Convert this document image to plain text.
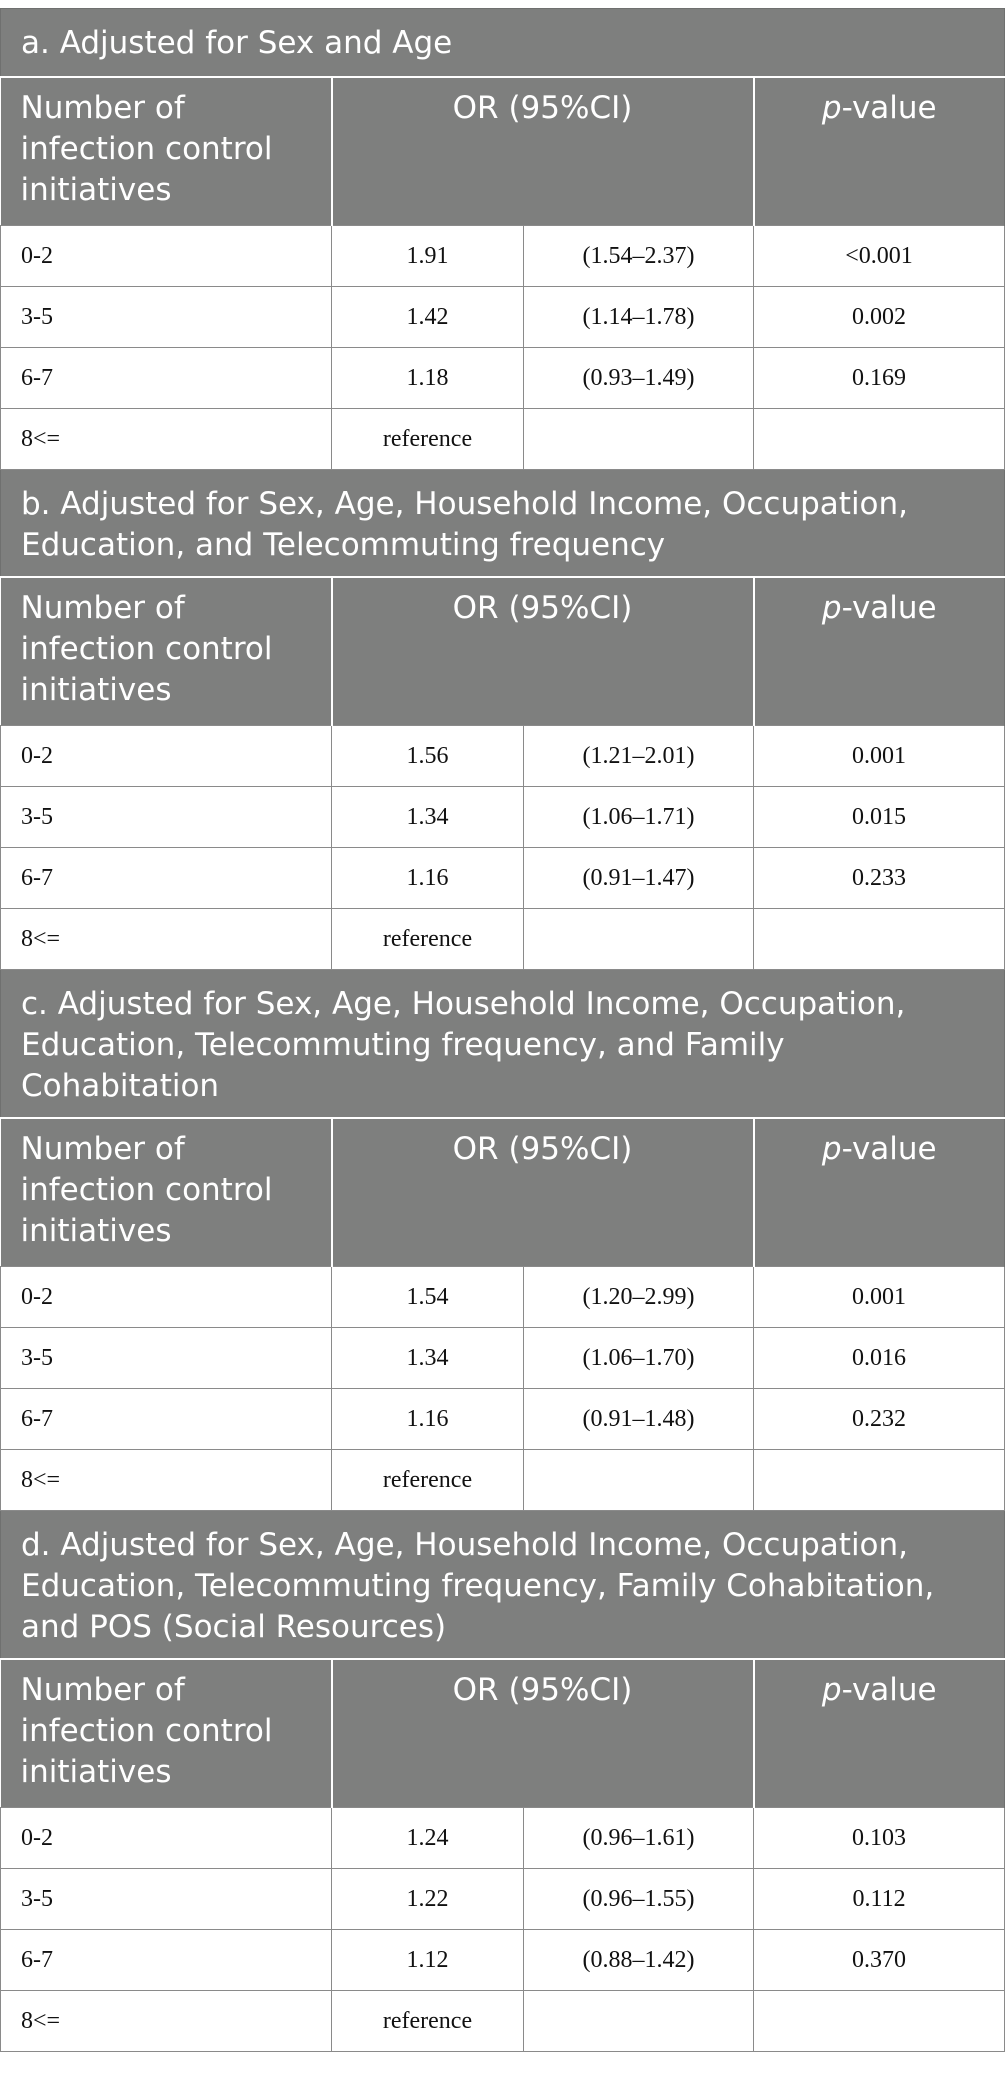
a. Adjusted for Sex and Age			
Number of infection control initiatives	OR (95%CI)		p-value
0-2	1.91	(1.54–2.37)	<0.001
3-5	1.42	(1.14–1.78)	0.002
6-7	1.18	(0.93–1.49)	0.169
8<=	reference		
b. Adjusted for Sex, Age, Household Income, Occupation, Education, and Telecommuting frequency			
Number of infection control initiatives	OR (95%CI)		p-value
0-2	1.56	(1.21–2.01)	0.001
3-5	1.34	(1.06–1.71)	0.015
6-7	1.16	(0.91–1.47)	0.233
8<=	reference		
c. Adjusted for Sex, Age, Household Income, Occupation, Education, Telecommuting frequency, and Family Cohabitation			
Number of infection control initiatives	OR (95%CI)		p-value
0-2	1.54	(1.20–2.99)	0.001
3-5	1.34	(1.06–1.70)	0.016
6-7	1.16	(0.91–1.48)	0.232
8<=	reference		
d. Adjusted for Sex, Age, Household Income, Occupation, Education, Telecommuting frequency, Family Cohabitation, and POS (Social Resources)			
Number of infection control initiatives	OR (95%CI)		p-value
0-2	1.24	(0.96–1.61)	0.103
3-5	1.22	(0.96–1.55)	0.112
6-7	1.12	(0.88–1.42)	0.370
8<=	reference		
